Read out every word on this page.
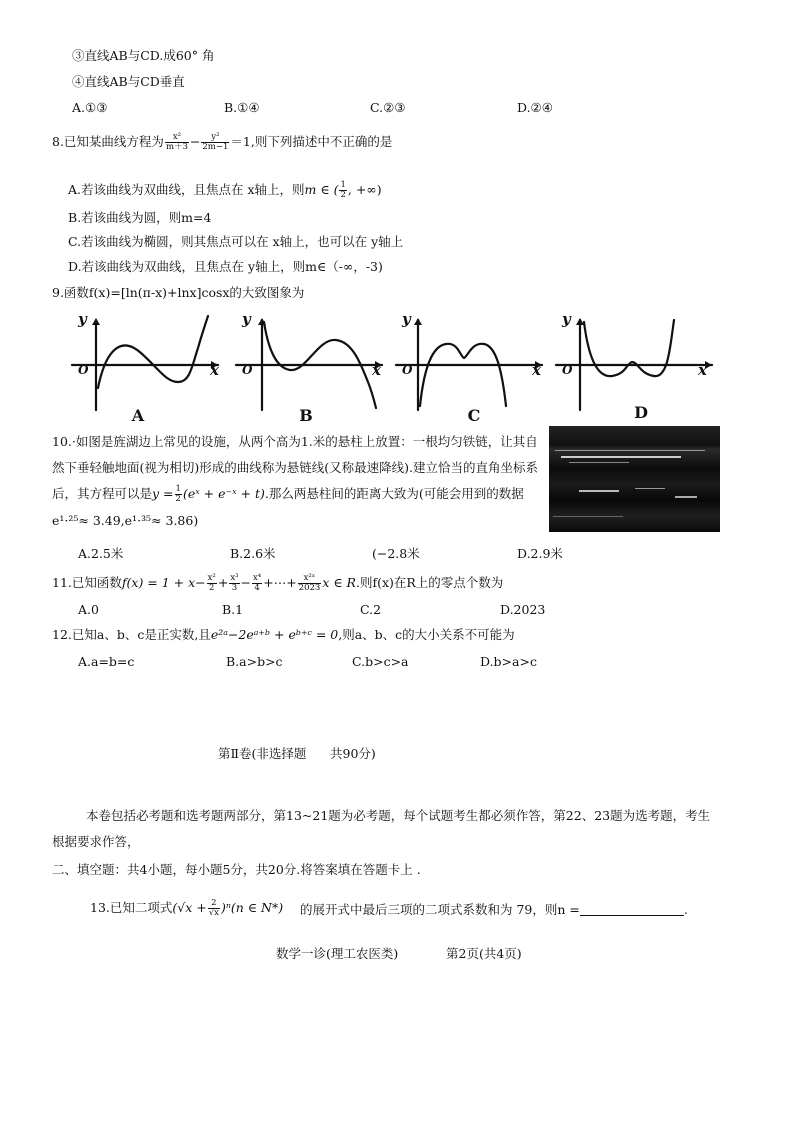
③直线AB与CD.成60° 角
④直线AB与CD垂直
A.①③	B.①④	C.②③	D.②④
8.已知某曲线方程为 $\frac{\text{x²}}{m+3} - \frac{\text{y²}}{2m-1} =1$,则下列描述中不正确的是
A.若该曲线为双曲线，且焦点在 x轴上，则m ∈ ( $\frac{1}{2}$ , +∞)
B.若该曲线为圆，则m=4
C.若该曲线为椭圆，则其焦点可以在 x轴上，也可以在 y轴上
D.若该曲线为双曲线，且焦点在 y轴上，则m∈（-∞，-3)
9.函数f(x)=[ln(π-x)+lnx]cosx的大致图象为
y
O	x
y
O	x
y
O	x
y
O	x
A	B	C	D
10.·如图是旌湖边上常见的设施，从两个高为1.米的悬柱上放置：一根均匀铁链，让其自
然下垂轻触地面(视为相切)形成的曲线称为悬链线(又称最速降线).建立恰当的直角坐标系
后，其方程可以是$y = \frac{1}{2}$ (eˣ + e⁻ˣ + t).那么两悬柱间的距离大致为(可能会用到的数据
e¹·²⁵≈ 3.49,e¹·³⁵≈ 3.86)
A.2.5米	B.2.6米	(−2.8米	D.2.9米
11.已知函数$f(x) = 1 + x- \frac{\text{x²}}{2} + \frac{\text{x³}}{3} - \frac{\text{x⁴}}{4}$ +⋯+ $\frac{\text{x²ˣ}}{2023}$ x ∈ R.则f(x)在R上的零点个数为
A.0	B.1	C.2	D.2023
12.已知a、b、c是正实数,且e²ᵃ−2eᵃ⁺ᵇ + eᵇ⁺ᶜ = 0,则a、b、c的大小关系不可能为
A.a=b=c	B.a>b>c	C.b>c>a	D.b>a>c
第Ⅱ卷(非选择题 共90分)
本卷包括必考题和选考题两部分，第13~21题为必考题，每个试题考生都必须作答，第22、23题为选考题，考生
根据要求作答，
二、填空题：共4小题，每小题5分，共20分.将答案填在答题卡上 .
13.已知二项式$(√x + \frac{2}{√x} )^n(n$ ∈ N*) 的展开式中最后三项的二项式系数和为 79，则n =	.
数学一诊(理工农医类)	第2页(共4页)
